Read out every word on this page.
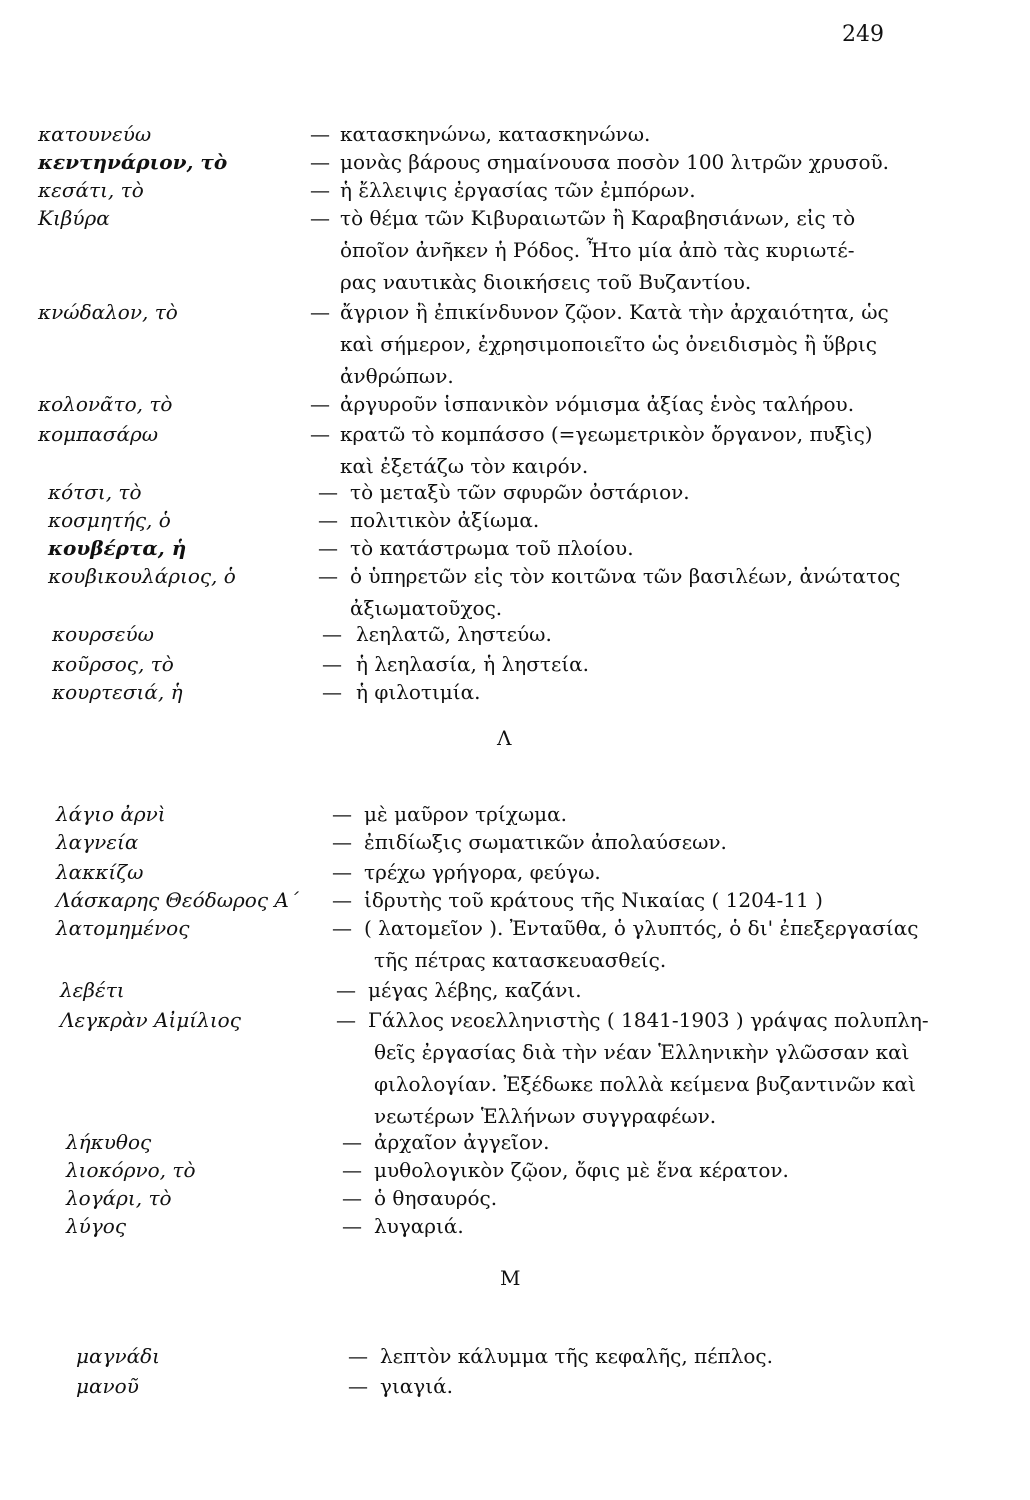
249
κατουνεύω	— κατασκηνώνω, κατασκηνώνω.
κεντηνάριον, τὸ	— μονὰς βάρους σημαίνουσα ποσὸν 100 λιτρῶν χρυσοῦ.
κεσάτι, τὸ	— ἡ ἔλλειψις ἐργασίας τῶν ἐμπόρων.
Κιβύρα	— τὸ θέμα τῶν Κιβυραιωτῶν ἢ Καραβησιάνων, εἰς τὸ
ὁποῖον ἀνῆκεν ἡ Ρόδος. Ἦτο μία ἀπὸ τὰς κυριωτέ-
ρας ναυτικὰς διοικήσεις τοῦ Βυζαντίου.
κνώδαλον, τὸ	— ἄγριον ἢ ἐπικίνδυνον ζῷον. Κατὰ τὴν ἀρχαιότητα, ὡς
καὶ σήμερον, ἐχρησιμοποιεῖτο ὡς ὀνειδισμὸς ἢ ὕβρις
ἀνθρώπων.
κολονᾶτο, τὸ	— ἀργυροῦν ἱσπανικὸν νόμισμα ἀξίας ἑνὸς ταλήρου.
κομπασάρω	— κρατῶ τὸ κομπάσσο (=γεωμετρικὸν ὄργανον, πυξὶς)
καὶ ἐξετάζω τὸν καιρόν.
κότσι, τὸ	— τὸ μεταξὺ τῶν σφυρῶν ὀστάριον.
κοσμητής, ὁ	— πολιτικὸν ἀξίωμα.
κουβέρτα, ἡ	— τὸ κατάστρωμα τοῦ πλοίου.
κουβικουλάριος, ὁ	— ὁ ὑπηρετῶν εἰς τὸν κοιτῶνα τῶν βασιλέων, ἀνώτατος
ἀξιωματοῦχος.
κουρσεύω	— λεηλατῶ, ληστεύω.
κοῦρσος, τὸ	— ἡ λεηλασία, ἡ ληστεία.
κουρτεσιά, ἡ	— ἡ φιλοτιμία.
Λ
λάγιο ἀρνὶ	— μὲ μαῦρον τρίχωμα.
λαγνεία	— ἐπιδίωξις σωματικῶν ἀπολαύσεων.
λακκίζω	— τρέχω γρήγορα, φεύγω.
Λάσκαρης Θεόδωρος Α΄ — ἱδρυτὴς τοῦ κράτους τῆς Νικαίας ( 1204-11 )
λατομημένος	— ( λατομεῖον ). Ἐνταῦθα, ὁ γλυπτός, ὁ δι' ἐπεξεργασίας
τῆς πέτρας κατασκευασθείς.
λεβέτι	— μέγας λέβης, καζάνι.
Λεγκρὰν Αἰμίλιος	— Γάλλος νεοελληνιστὴς ( 1841-1903 ) γράψας πολυπλη-
θεῖς ἐργασίας διὰ τὴν νέαν Ἑλληνικὴν γλῶσσαν καὶ
φιλολογίαν. Ἐξέδωκε πολλὰ κείμενα βυζαντινῶν καὶ
νεωτέρων Ἑλλήνων συγγραφέων.
λήκυθος	— ἀρχαῖον ἀγγεῖον.
λιοκόρνο, τὸ	— μυθολογικὸν ζῷον, ὄφις μὲ ἕνα κέρατον.
λογάρι, τὸ	— ὁ θησαυρός.
λύγος	— λυγαριά.
Μ
μαγνάδι	— λεπτὸν κάλυμμα τῆς κεφαλῆς, πέπλος.
μανοῦ	— γιαγιά.
